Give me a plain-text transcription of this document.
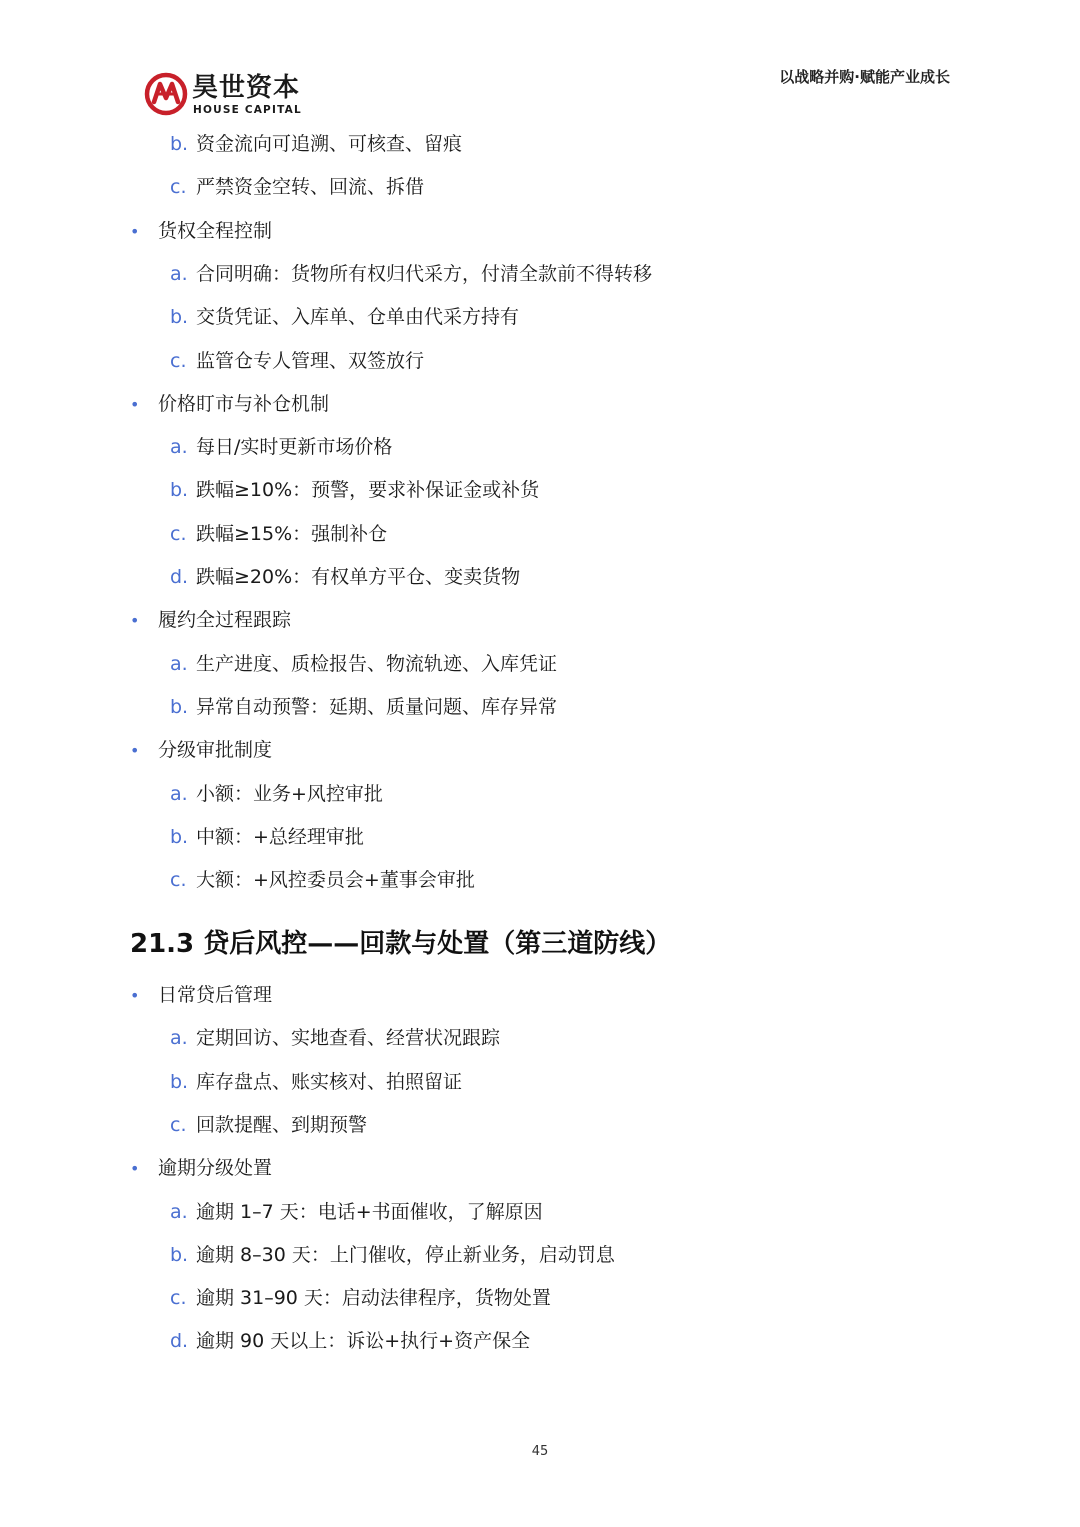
昊世资本
HOUSE CAPITAL
以战略并购·赋能产业成长
b. 资金流向可追溯、可核查、留痕
c. 严禁资金空转、回流、拆借
• 货权全程控制
a. 合同明确：货物所有权归代采方，付清全款前不得转移
b. 交货凭证、入库单、仓单由代采方持有
c. 监管仓专人管理、双签放行
• 价格盯市与补仓机制
a. 每日/实时更新市场价格
b. 跌幅≥10%：预警，要求补保证金或补货
c. 跌幅≥15%：强制补仓
d. 跌幅≥20%：有权单方平仓、变卖货物
• 履约全过程跟踪
a. 生产进度、质检报告、物流轨迹、入库凭证
b. 异常自动预警：延期、质量问题、库存异常
• 分级审批制度
a. 小额：业务+风控审批
b. 中额：+总经理审批
c. 大额：+风控委员会+董事会审批
• 日常贷后管理
a. 定期回访、实地查看、经营状况跟踪
b. 库存盘点、账实核对、拍照留证
c. 回款提醒、到期预警
• 逾期分级处置
a. 逾期 1–7 天：电话+书面催收，了解原因
b. 逾期 8–30 天：上门催收，停止新业务，启动罚息
c. 逾期 31–90 天：启动法律程序，货物处置
d. 逾期 90 天以上：诉讼+执行+资产保全
21.3 贷后风控——回款与处置（第三道防线）
45
